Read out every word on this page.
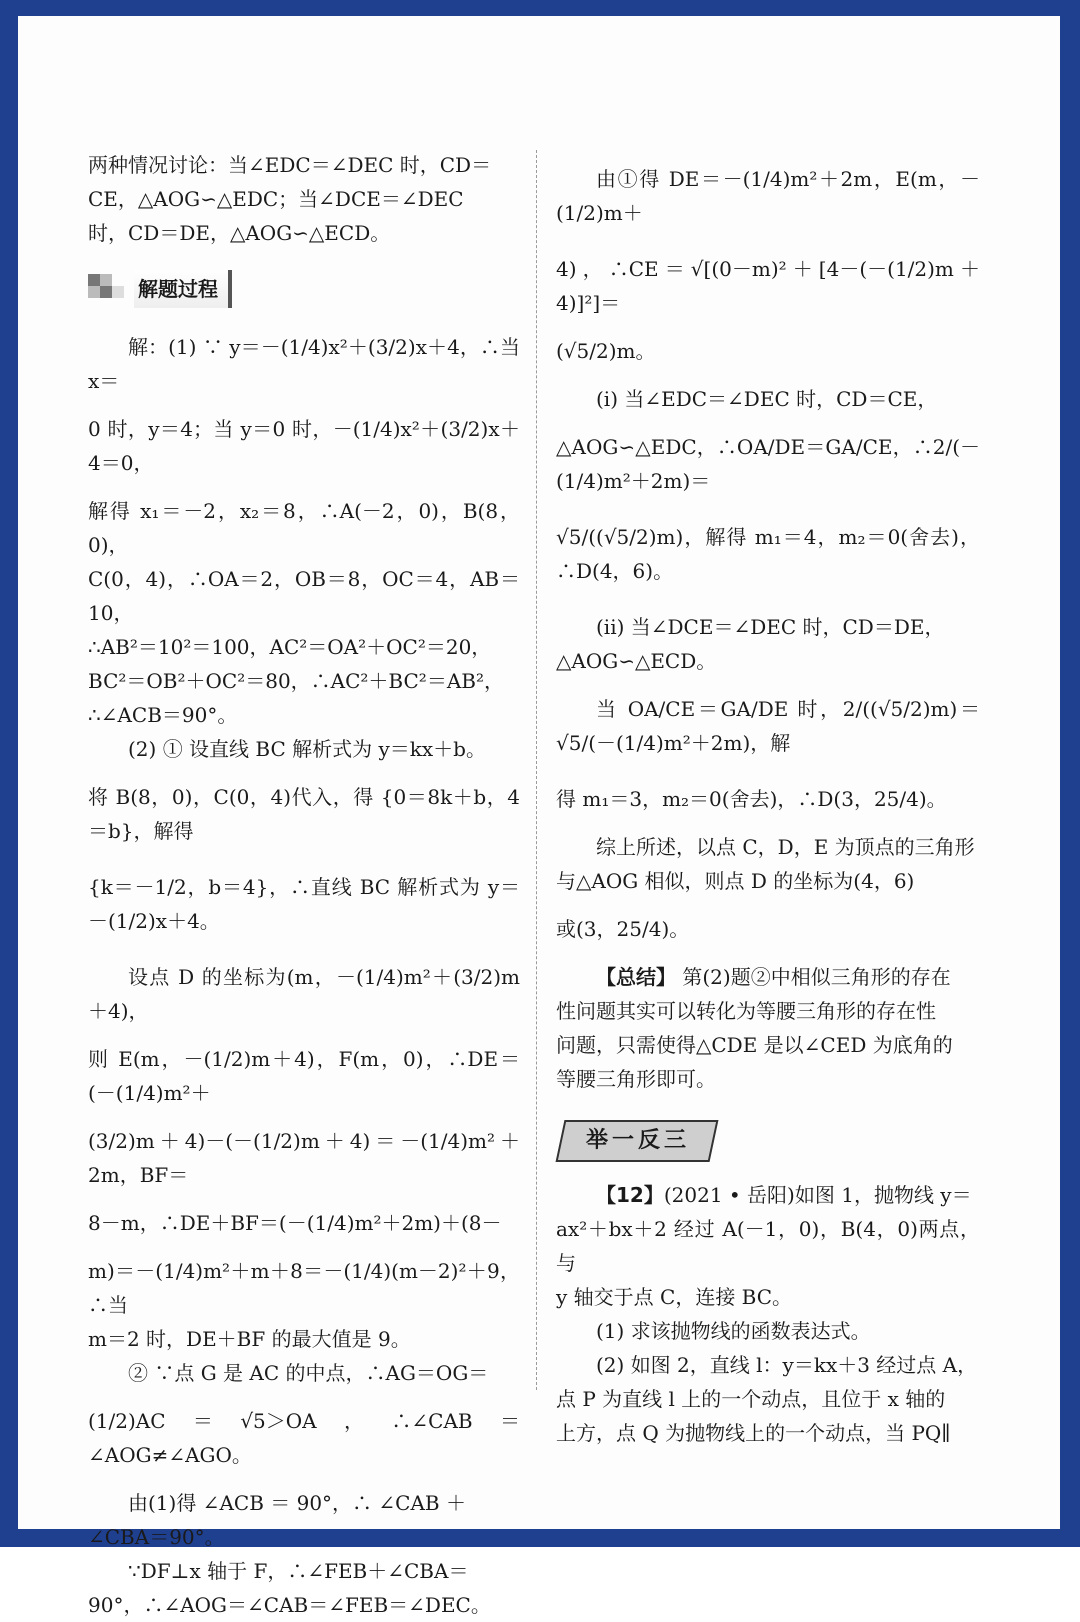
两种情况讨论：当∠EDC＝∠DEC 时，CD＝

CE，△AOG∽△EDC；当∠DCE＝∠DEC

时，CD＝DE，△AOG∽△ECD。

解题过程

解：(1) ∵ y＝－(1/4)x²＋(3/2)x＋4，∴当 x＝

0 时，y＝4；当 y＝0 时，－(1/4)x²＋(3/2)x＋4＝0，

解得 x₁＝－2，x₂＝8，∴A(－2，0)，B(8，0)，

C(0，4)，∴OA＝2，OB＝8，OC＝4，AB＝10，

∴AB²＝10²＝100，AC²＝OA²＋OC²＝20，

BC²＝OB²＋OC²＝80，∴AC²＋BC²＝AB²，

∴∠ACB＝90°。

(2) ① 设直线 BC 解析式为 y＝kx＋b。

将 B(8，0)，C(0，4)代入，得 {0＝8k＋b，4＝b}，解得

{k＝－1/2，b＝4}，∴直线 BC 解析式为 y＝－(1/2)x＋4。

设点 D 的坐标为(m，－(1/4)m²＋(3/2)m＋4)，

则 E(m，－(1/2)m＋4)，F(m，0)，∴DE＝(－(1/4)m²＋

(3/2)m＋4)－(－(1/2)m＋4)＝－(1/4)m²＋2m，BF＝

8－m，∴DE＋BF＝(－(1/4)m²＋2m)＋(8－

m)＝－(1/4)m²＋m＋8＝－(1/4)(m－2)²＋9，∴当

m＝2 时，DE＋BF 的最大值是 9。

② ∵点 G 是 AC 的中点，∴AG＝OG＝

(1/2)AC＝√5＞OA，∴∠CAB＝∠AOG≠∠AGO。

由(1)得 ∠ACB ＝ 90°，∴ ∠CAB ＋

∠CBA＝90°。

∵DF⊥x 轴于 F，∴∠FEB＋∠CBA＝

90°，∴∠AOG＝∠CAB＝∠FEB＝∠DEC。

由①得 DE＝－(1/4)m²＋2m，E(m，－(1/2)m＋

4)，∴CE＝√[(0－m)²＋[4－(－(1/2)m＋4)]²]＝

(√5/2)m。

(i) 当∠EDC＝∠DEC 时，CD＝CE，

△AOG∽△EDC，∴OA/DE＝GA/CE，∴2/(－(1/4)m²＋2m)＝

√5/((√5/2)m)，解得 m₁＝4，m₂＝0(舍去)，∴D(4，6)。

(ii) 当∠DCE＝∠DEC 时，CD＝DE，

△AOG∽△ECD。

当 OA/CE＝GA/DE 时，2/((√5/2)m)＝√5/(－(1/4)m²＋2m)，解

得 m₁＝3，m₂＝0(舍去)，∴D(3，25/4)。

综上所述，以点 C，D，E 为顶点的三角形

与△AOG 相似，则点 D 的坐标为(4，6)

或(3，25/4)。

【总结】 第(2)题②中相似三角形的存在

性问题其实可以转化为等腰三角形的存在性

问题，只需使得△CDE 是以∠CED 为底角的

等腰三角形即可。

举一反三

【12】(2021 • 岳阳)如图 1，抛物线 y＝

ax²＋bx＋2 经过 A(－1，0)，B(4，0)两点，与

y 轴交于点 C，连接 BC。

(1) 求该抛物线的函数表达式。

(2) 如图 2，直线 l：y＝kx＋3 经过点 A，

点 P 为直线 l 上的一个动点，且位于 x 轴的

上方，点 Q 为抛物线上的一个动点，当 PQ∥
